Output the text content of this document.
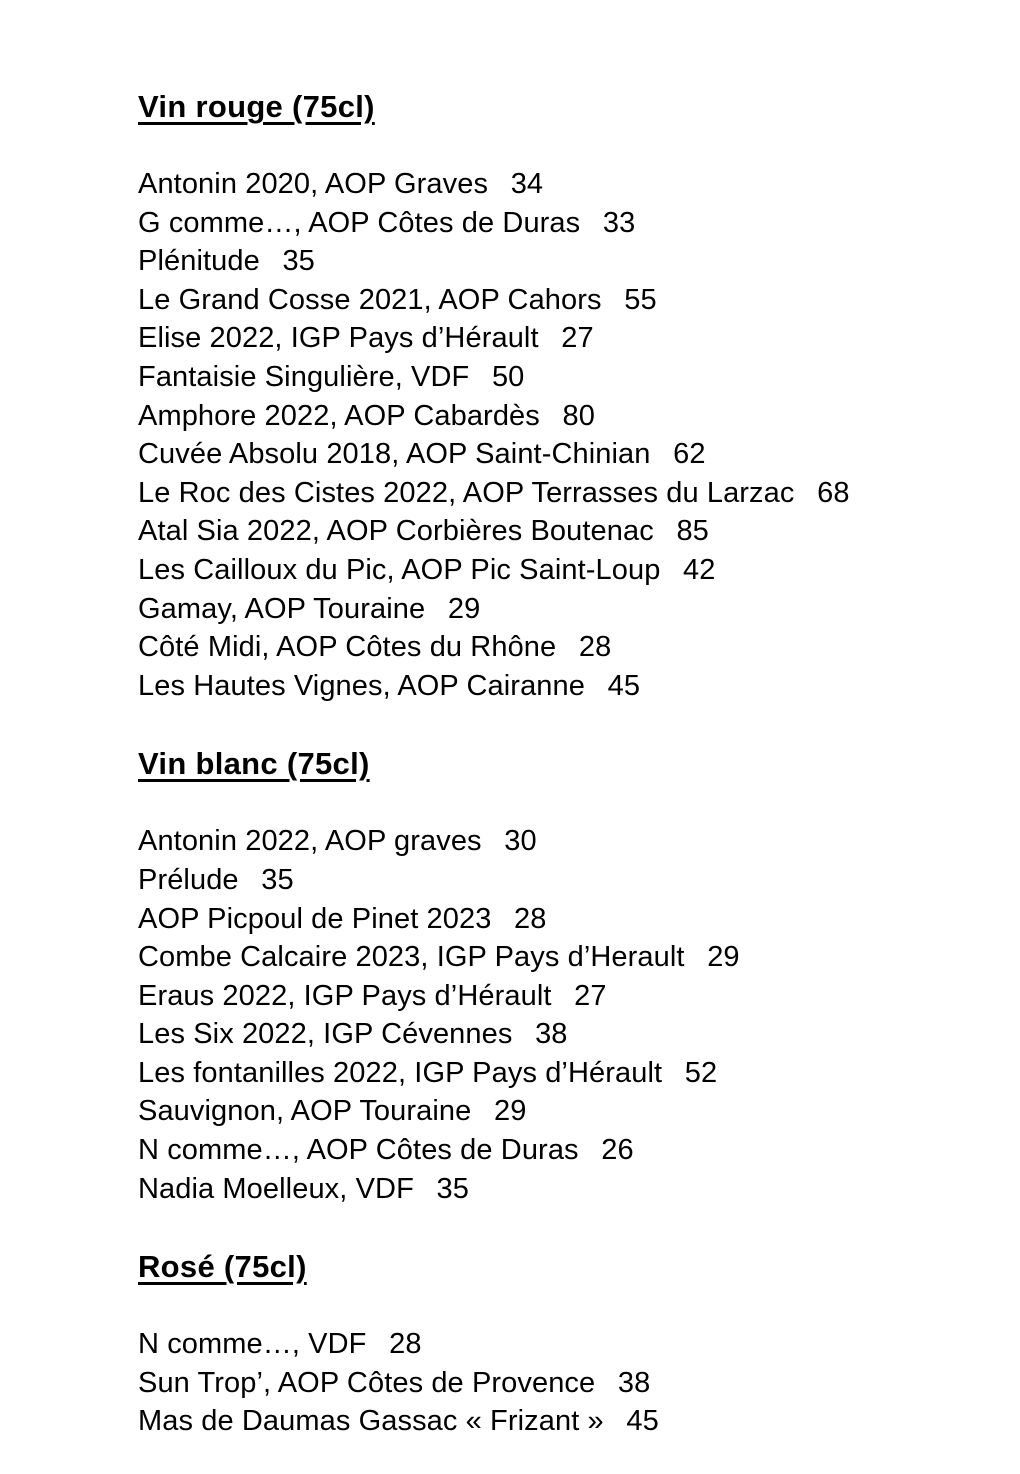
Vin rouge (75cl)
Antonin 2020, AOP Graves 34
G comme…, AOP Côtes de Duras 33
Plénitude 35
Le Grand Cosse 2021, AOP Cahors 55
Elise 2022, IGP Pays d’Hérault 27
Fantaisie Singulière, VDF 50
Amphore 2022, AOP Cabardès 80
Cuvée Absolu 2018, AOP Saint-Chinian 62
Le Roc des Cistes 2022, AOP Terrasses du Larzac 68
Atal Sia 2022, AOP Corbières Boutenac 85
Les Cailloux du Pic, AOP Pic Saint-Loup 42
Gamay, AOP Touraine 29
Côté Midi, AOP Côtes du Rhône 28
Les Hautes Vignes, AOP Cairanne 45
Vin blanc (75cl)
Antonin 2022, AOP graves 30
Prélude 35
AOP Picpoul de Pinet 2023 28
Combe Calcaire 2023, IGP Pays d’Herault 29
Eraus 2022, IGP Pays d’Hérault 27
Les Six 2022, IGP Cévennes 38
Les fontanilles 2022, IGP Pays d’Hérault 52
Sauvignon, AOP Touraine 29
N comme…, AOP Côtes de Duras 26
Nadia Moelleux, VDF 35
Rosé (75cl)
N comme…, VDF 28
Sun Trop’, AOP Côtes de Provence 38
Mas de Daumas Gassac « Frizant » 45
